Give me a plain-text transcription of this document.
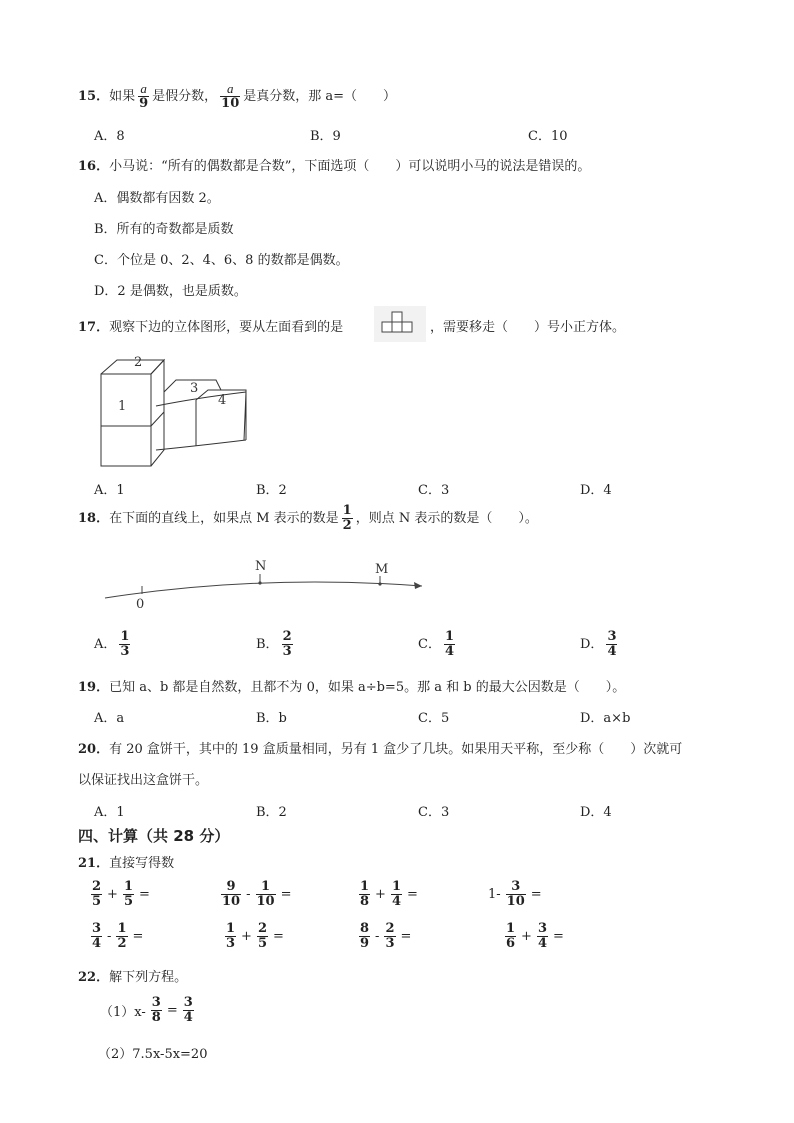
15．如果 $\frac{a}{9}$ 是假分数， $\frac{a}{10}$ 是真分数，那 a=（　　）
A．8	B．9	C．10
16．小马说：“所有的偶数都是合数”，下面选项（　　）可以说明小马的说法是错误的。
A．偶数都有因数 2。
B．所有的奇数都是质数
C．个位是 0、2、4、6、8 的数都是偶数。
D．2 是偶数，也是质数。
17．观察下边的立体图形，要从左面看到的是	，需要移走（　　）号小正方体。
2
1
3
4
A．1	B．2	C．3	D．4
18．在下面的直线上，如果点 M 表示的数是 $\frac{1}{2}$ ，则点 N 表示的数是（　　）。
N	M
0
A． $\frac{1}{3}$	B． $\frac{2}{3}$	C． $\frac{1}{4}$	D． $\frac{3}{4}$
19．已知 a、b 都是自然数，且都不为 0，如果 a÷b=5。那 a 和 b 的最大公因数是（　　）。
A．a	B．b	C．5	D．a×b
20．有 20 盒饼干，其中的 19 盒质量相同，另有 1 盒少了几块。如果用天平称，至少称（　　）次就可
以保证找出这盒饼干。
A．1	B．2	C．3	D．4
四、计算（共 28 分）
21．直接写得数
$\frac{2}{5} + \frac{1}{5}$ =	$\frac{9}{10} - \frac{1}{10}$ =	$\frac{1}{8} + \frac{1}{4}$ =	$1- \frac{3}{10}$ =
$\frac{3}{4} - \frac{1}{2}$ =	$\frac{1}{3} + \frac{2}{5}$ =	$\frac{8}{9} - \frac{2}{3}$ =	$\frac{1}{6} + \frac{3}{4}$ =
22．解下列方程。
$(1)x- \frac{3}{8} = \frac{3}{4}$
（2）7.5x-5x=20
